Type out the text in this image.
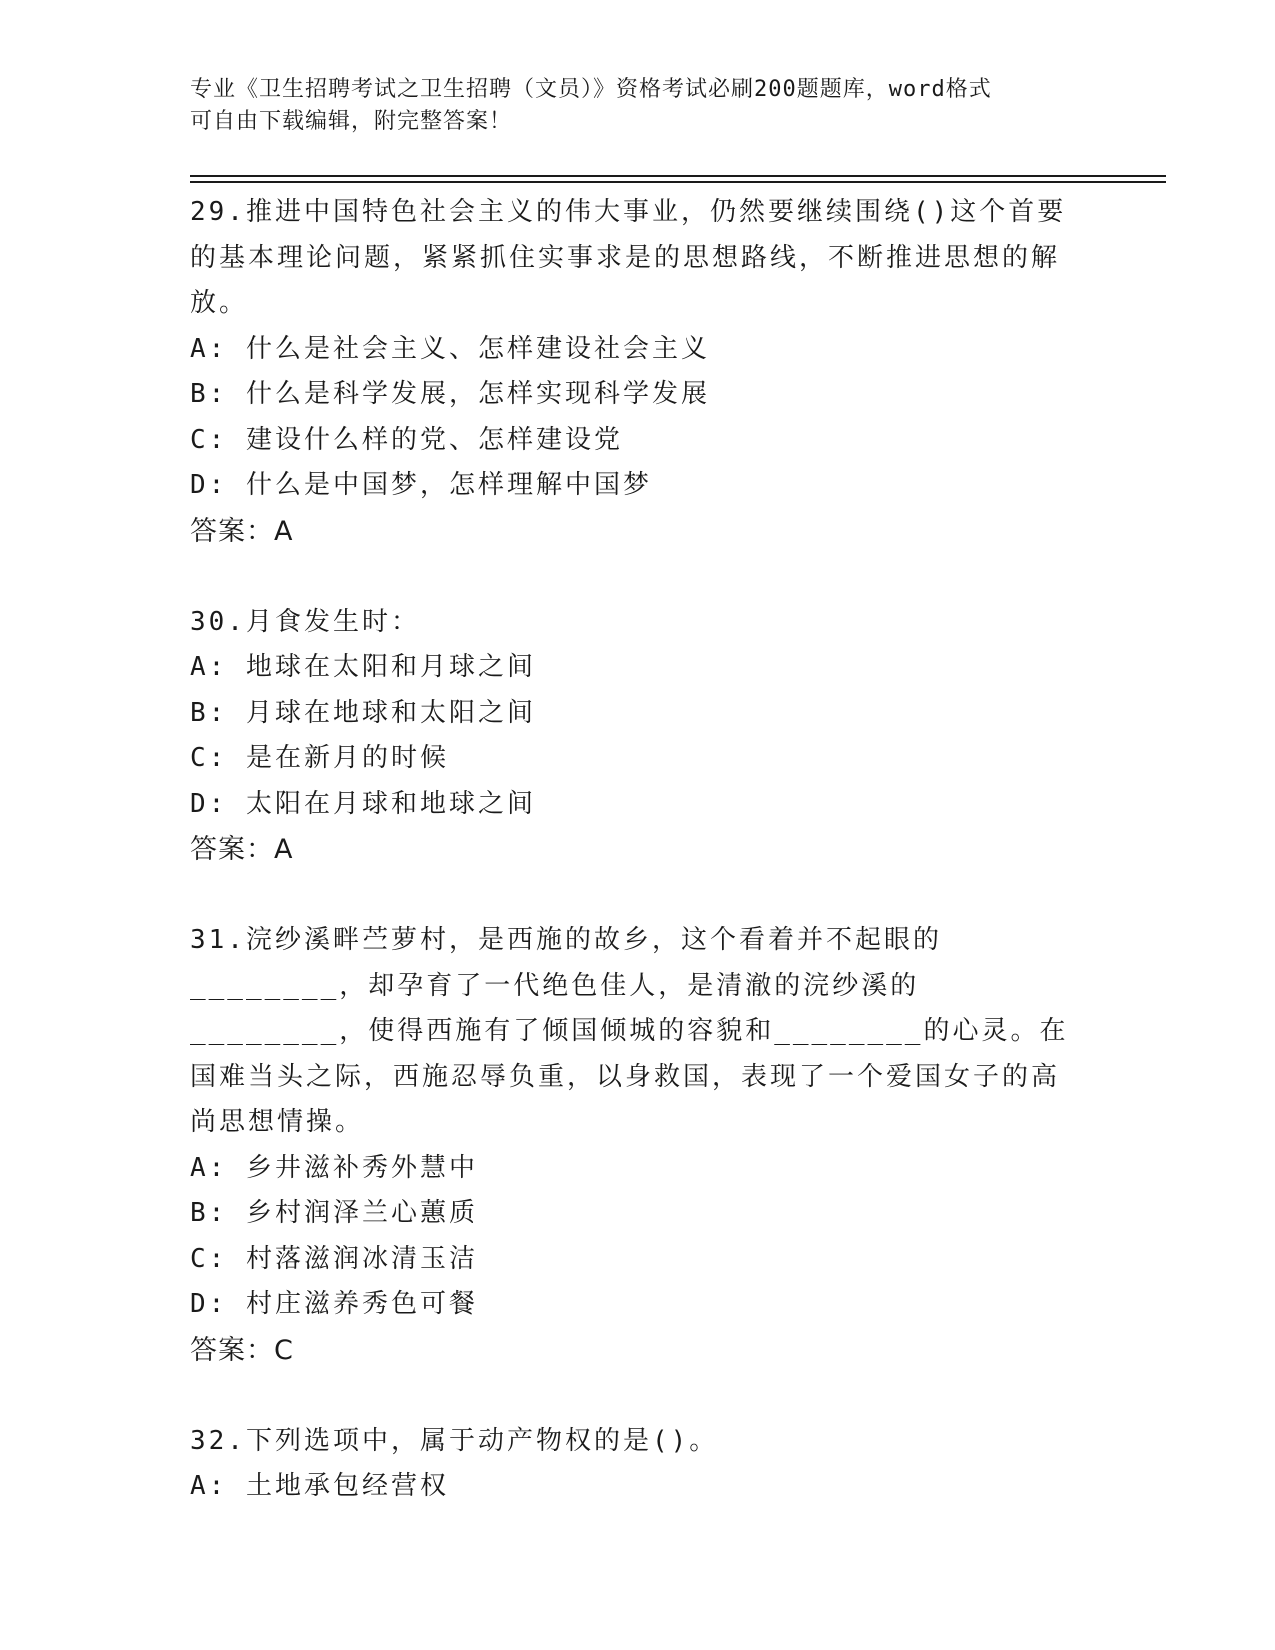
专业《卫生招聘考试之卫生招聘（文员）》资格考试必刷200题题库，word格式
可自由下载编辑，附完整答案！
29.推进中国特色社会主义的伟大事业，仍然要继续围绕()这个首要的基本理论问题，紧紧抓住实事求是的思想路线，不断推进思想的解放。
A: 什么是社会主义、怎样建设社会主义
B: 什么是科学发展，怎样实现科学发展
C: 建设什么样的党、怎样建设党
D: 什么是中国梦，怎样理解中国梦
答案：A
30.月食发生时：
A: 地球在太阳和月球之间
B: 月球在地球和太阳之间
C: 是在新月的时候
D: 太阳在月球和地球之间
答案：A
31.浣纱溪畔苎萝村，是西施的故乡，这个看着并不起眼的________，却孕育了一代绝色佳人，是清澈的浣纱溪的________，使得西施有了倾国倾城的容貌和________的心灵。在国难当头之际，西施忍辱负重，以身救国，表现了一个爱国女子的高尚思想情操。
A: 乡井滋补秀外慧中
B: 乡村润泽兰心蕙质
C: 村落滋润冰清玉洁
D: 村庄滋养秀色可餐
答案：C
32.下列选项中，属于动产物权的是()。
A: 土地承包经营权
